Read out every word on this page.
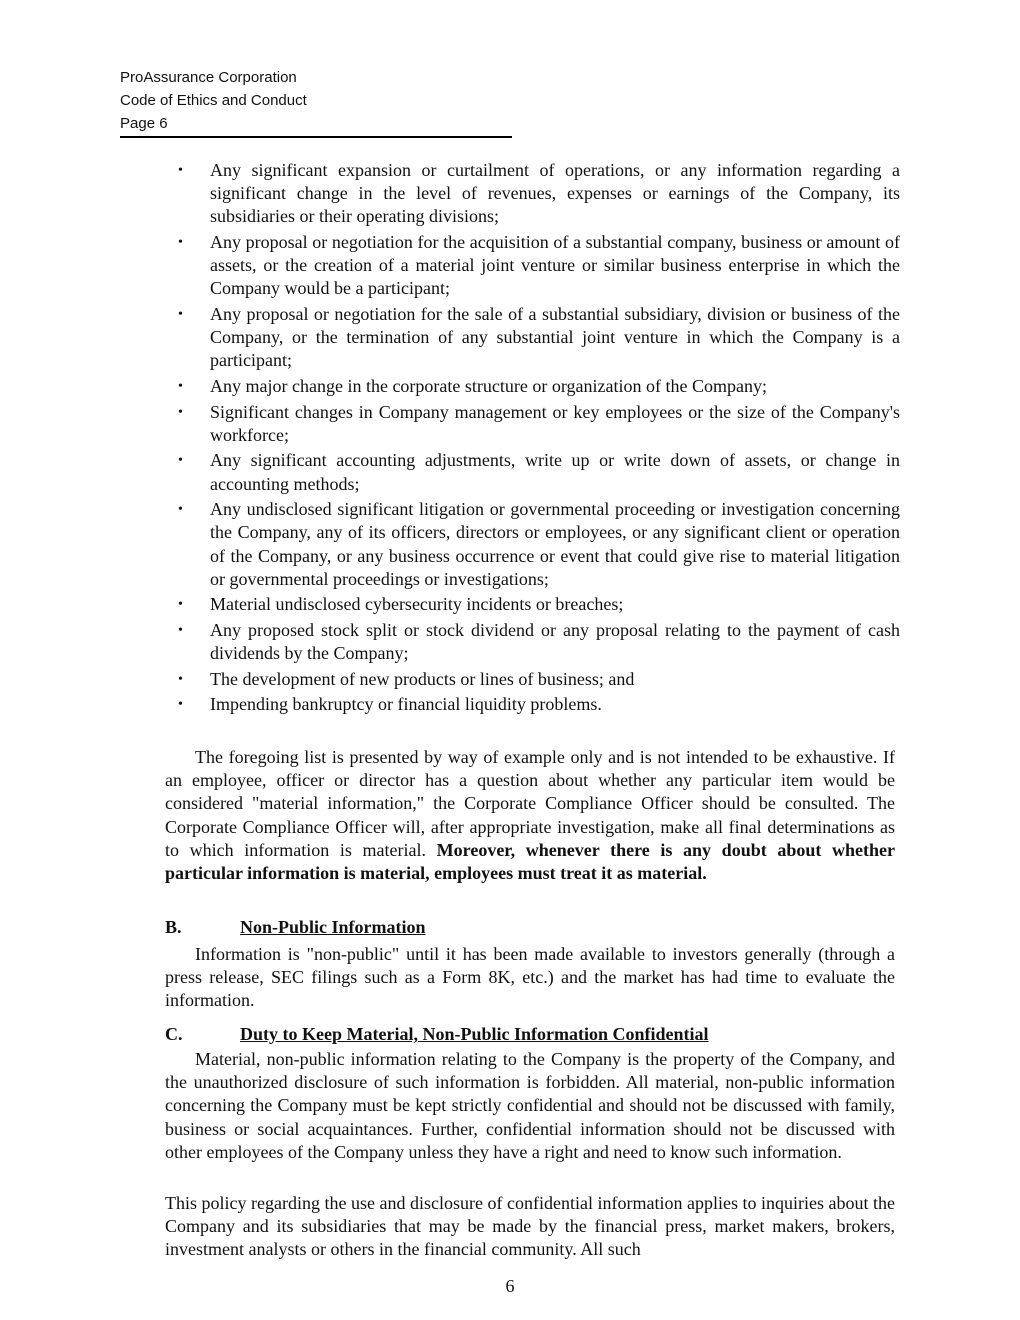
ProAssurance Corporation
Code of Ethics and Conduct
Page 6
•	Any significant expansion or curtailment of operations, or any information regarding a significant change in the level of revenues, expenses or earnings of the Company, its subsidiaries or their operating divisions;
•	Any proposal or negotiation for the acquisition of a substantial company, business or amount of assets, or the creation of a material joint venture or similar business enterprise in which the Company would be a participant;
•	Any proposal or negotiation for the sale of a substantial subsidiary, division or business of the Company, or the termination of any substantial joint venture in which the Company is a participant;
•	Any major change in the corporate structure or organization of the Company;
•	Significant changes in Company management or key employees or the size of the Company's workforce;
•	Any significant accounting adjustments, write up or write down of assets, or change in accounting methods;
•	Any undisclosed significant litigation or governmental proceeding or investigation concerning the Company, any of its officers, directors or employees, or any significant client or operation of the Company, or any business occurrence or event that could give rise to material litigation or governmental proceedings or investigations;
•	Material undisclosed cybersecurity incidents or breaches;
•	Any proposed stock split or stock dividend or any proposal relating to the payment of cash dividends by the Company;
•	The development of new products or lines of business; and
•	Impending bankruptcy or financial liquidity problems.

The foregoing list is presented by way of example only and is not intended to be exhaustive. If an employee, officer or director has a question about whether any particular item would be considered "material information," the Corporate Compliance Officer should be consulted. The Corporate Compliance Officer will, after appropriate investigation, make all final determinations as to which information is material. Moreover, whenever there is any doubt about whether particular information is material, employees must treat it as material.

B.	Non-Public Information

Information is "non-public" until it has been made available to investors generally (through a press release, SEC filings such as a Form 8K, etc.) and the market has had time to evaluate the information.

C.	Duty to Keep Material, Non-Public Information Confidential

Material, non-public information relating to the Company is the property of the Company, and the unauthorized disclosure of such information is forbidden. All material, non-public information concerning the Company must be kept strictly confidential and should not be discussed with family, business or social acquaintances. Further, confidential information should not be discussed with other employees of the Company unless they have a right and need to know such information.

This policy regarding the use and disclosure of confidential information applies to inquiries about the Company and its subsidiaries that may be made by the financial press, market makers, brokers, investment analysts or others in the financial community. All such

6
